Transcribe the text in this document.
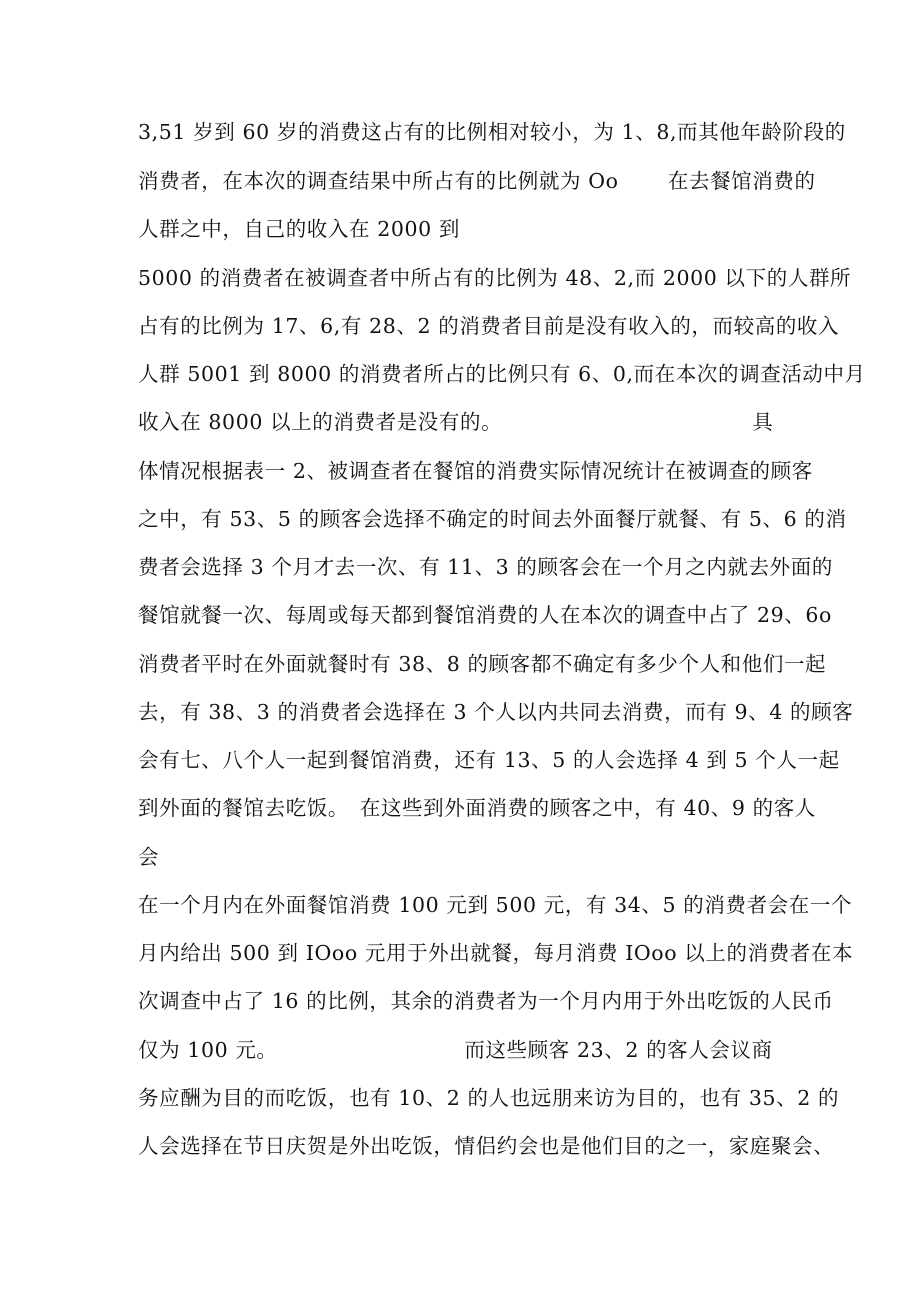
3,51 岁到 60 岁的消费这占有的比例相对较小，为 1、8,而其他年龄阶段的
消费者，在本次的调查结果中所占有的比例就为 Oo　　 在去餐馆消费的
人群之中，自己的收入在 2000 到
5000 的消费者在被调查者中所占有的比例为 48、2,而 2000 以下的人群所
占有的比例为 17、6,有 28、2 的消费者目前是没有收入的，而较高的收入
人群 5001 到 8000 的消费者所占的比例只有 6、0,而在本次的调查活动中月
收入在 8000 以上的消费者是没有的。　　　　　　　　　　　　 具
体情况根据表一 2、被调查者在餐馆的消费实际情况统计在被调查的顾客
之中，有 53、5 的顾客会选择不确定的时间去外面餐厅就餐、有 5、6 的消
费者会选择 3 个月才去一次、有 11、3 的顾客会在一个月之内就去外面的
餐馆就餐一次、每周或每天都到餐馆消费的人在本次的调查中占了 29、6o
消费者平时在外面就餐时有 38、8 的顾客都不确定有多少个人和他们一起
去，有 38、3 的消费者会选择在 3 个人以内共同去消费，而有 9、4 的顾客
会有七、八个人一起到餐馆消费，还有 13、5 的人会选择 4 到 5 个人一起
到外面的餐馆去吃饭。　在这些到外面消费的顾客之中，有 40、9 的客人
会
在一个月内在外面餐馆消费 100 元到 500 元，有 34、5 的消费者会在一个
月内给出 500 到 IOoo 元用于外出就餐，每月消费 IOoo 以上的消费者在本
次调查中占了 16 的比例，其余的消费者为一个月内用于外出吃饭的人民币
仅为 100 元。　　　　　　　　　 而这些顾客 23、2 的客人会议商
务应酬为目的而吃饭，也有 10、2 的人也远朋来访为目的，也有 35、2 的
人会选择在节日庆贺是外出吃饭，情侣约会也是他们目的之一，家庭聚会、
